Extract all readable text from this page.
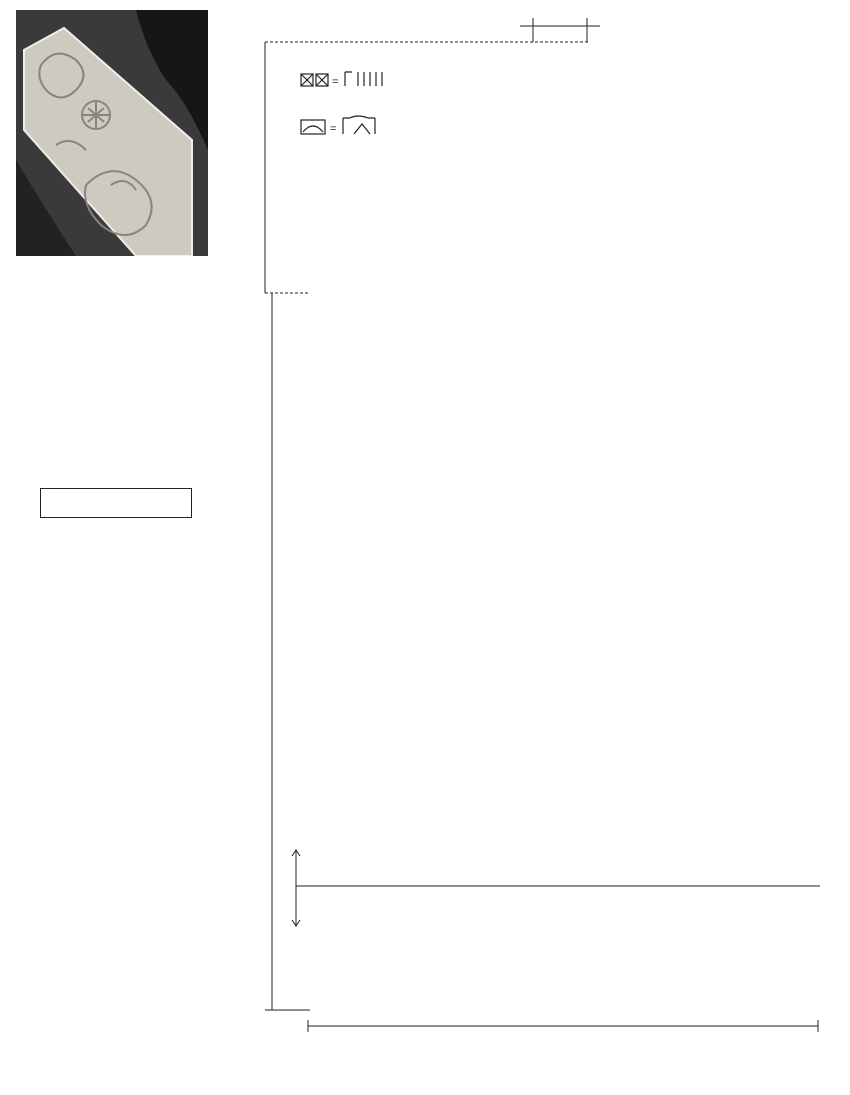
=
=
